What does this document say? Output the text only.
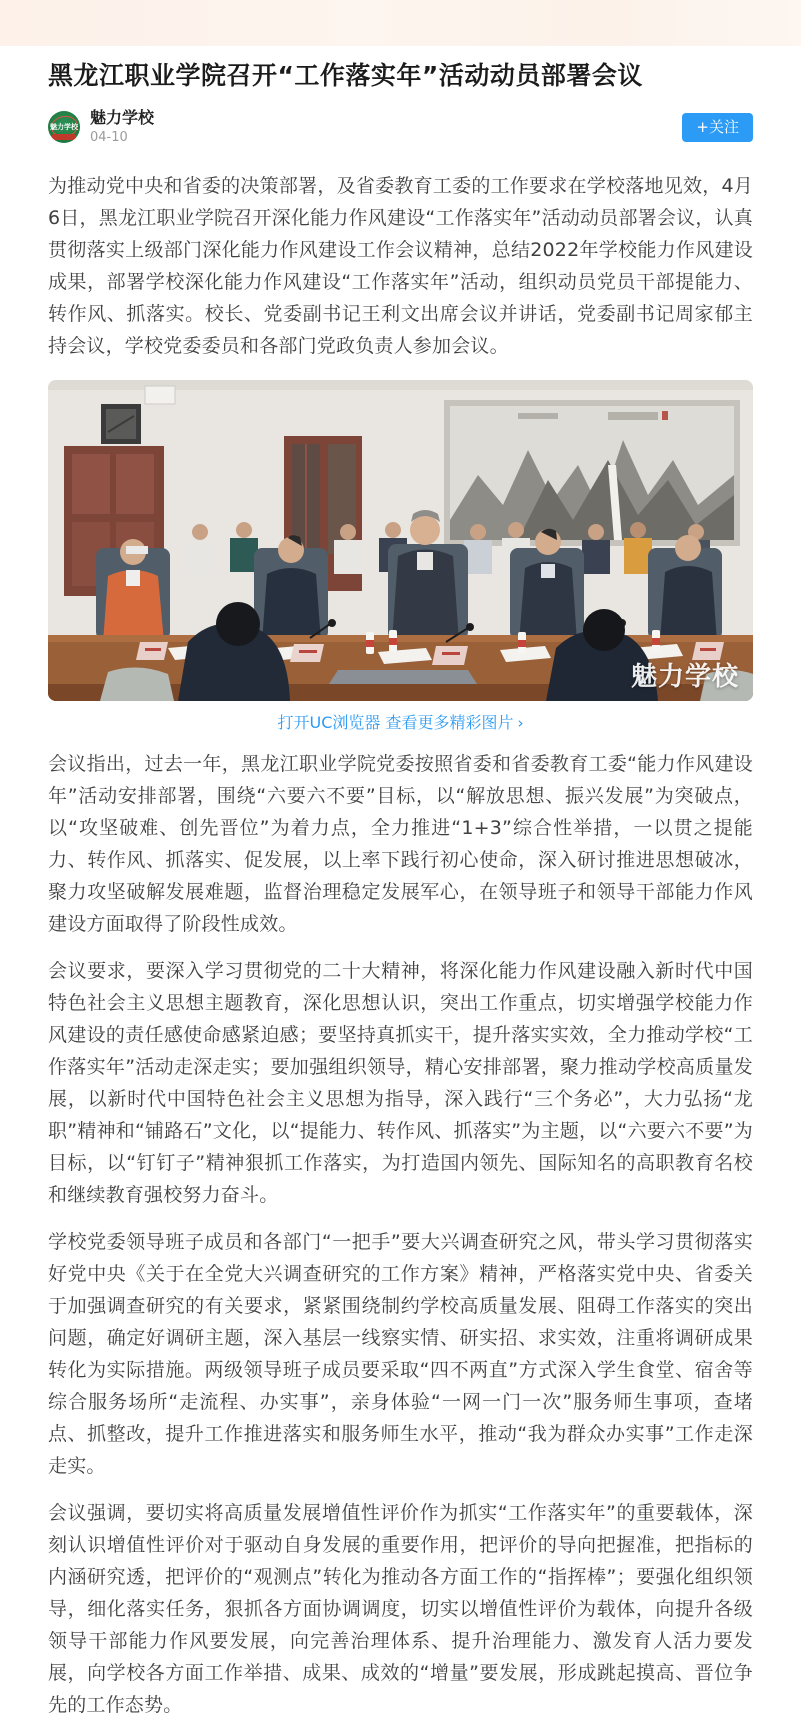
黑龙江职业学院召开“工作落实年”活动动员部署会议
魅力学校 魅力学校
04-10
+关注

为推动党中央和省委的决策部署，及省委教育工委的工作要求在学校落地见效，4月6日，黑龙江职业学院召开深化能力作风建设“工作落实年”活动动员部署会议，认真贯彻落实上级部门深化能力作风建设工作会议精神，总结2022年学校能力作风建设成果，部署学校深化能力作风建设“工作落实年”活动，组织动员党员干部提能力、转作风、抓落实。校长、党委副书记王利文出席会议并讲话，党委副书记周家郁主持会议，学校党委委员和各部门党政负责人参加会议。

魅力学校
打开UC浏览器 查看更多精彩图片 ›

会议指出，过去一年，黑龙江职业学院党委按照省委和省委教育工委“能力作风建设年”活动安排部署，围绕“六要六不要”目标，以“解放思想、振兴发展”为突破点，以“攻坚破难、创先晋位”为着力点，全力推进“1+3”综合性举措，一以贯之提能力、转作风、抓落实、促发展，以上率下践行初心使命，深入研讨推进思想破冰，聚力攻坚破解发展难题，监督治理稳定发展军心，在领导班子和领导干部能力作风建设方面取得了阶段性成效。

会议要求，要深入学习贯彻党的二十大精神，将深化能力作风建设融入新时代中国特色社会主义思想主题教育，深化思想认识，突出工作重点，切实增强学校能力作风建设的责任感使命感紧迫感；要坚持真抓实干，提升落实实效，全力推动学校“工作落实年”活动走深走实；要加强组织领导，精心安排部署，聚力推动学校高质量发展，以新时代中国特色社会主义思想为指导，深入践行“三个务必”，大力弘扬“龙职”精神和“铺路石”文化，以“提能力、转作风、抓落实”为主题，以“六要六不要”为目标，以“钉钉子”精神狠抓工作落实，为打造国内领先、国际知名的高职教育名校和继续教育强校努力奋斗。

学校党委领导班子成员和各部门“一把手”要大兴调查研究之风，带头学习贯彻落实好党中央《关于在全党大兴调查研究的工作方案》精神，严格落实党中央、省委关于加强调查研究的有关要求，紧紧围绕制约学校高质量发展、阻碍工作落实的突出问题，确定好调研主题，深入基层一线察实情、研实招、求实效，注重将调研成果转化为实际措施。两级领导班子成员要采取“四不两直”方式深入学生食堂、宿舍等综合服务场所“走流程、办实事”，亲身体验“一网一门一次”服务师生事项，查堵点、抓整改，提升工作推进落实和服务师生水平，推动“我为群众办实事”工作走深走实。

会议强调，要切实将高质量发展增值性评价作为抓实“工作落实年”的重要载体，深刻认识增值性评价对于驱动自身发展的重要作用，把评价的导向把握准，把指标的内涵研究透，把评价的“观测点”转化为推动各方面工作的“指挥棒”；要强化组织领导，细化落实任务，狠抓各方面协调调度，切实以增值性评价为载体，向提升各级领导干部能力作风要发展，向完善治理体系、提升治理能力、激发育人活力要发展，向学校各方面工作举措、成果、成效的“增量”要发展，形成跳起摸高、晋位争先的工作态势。
